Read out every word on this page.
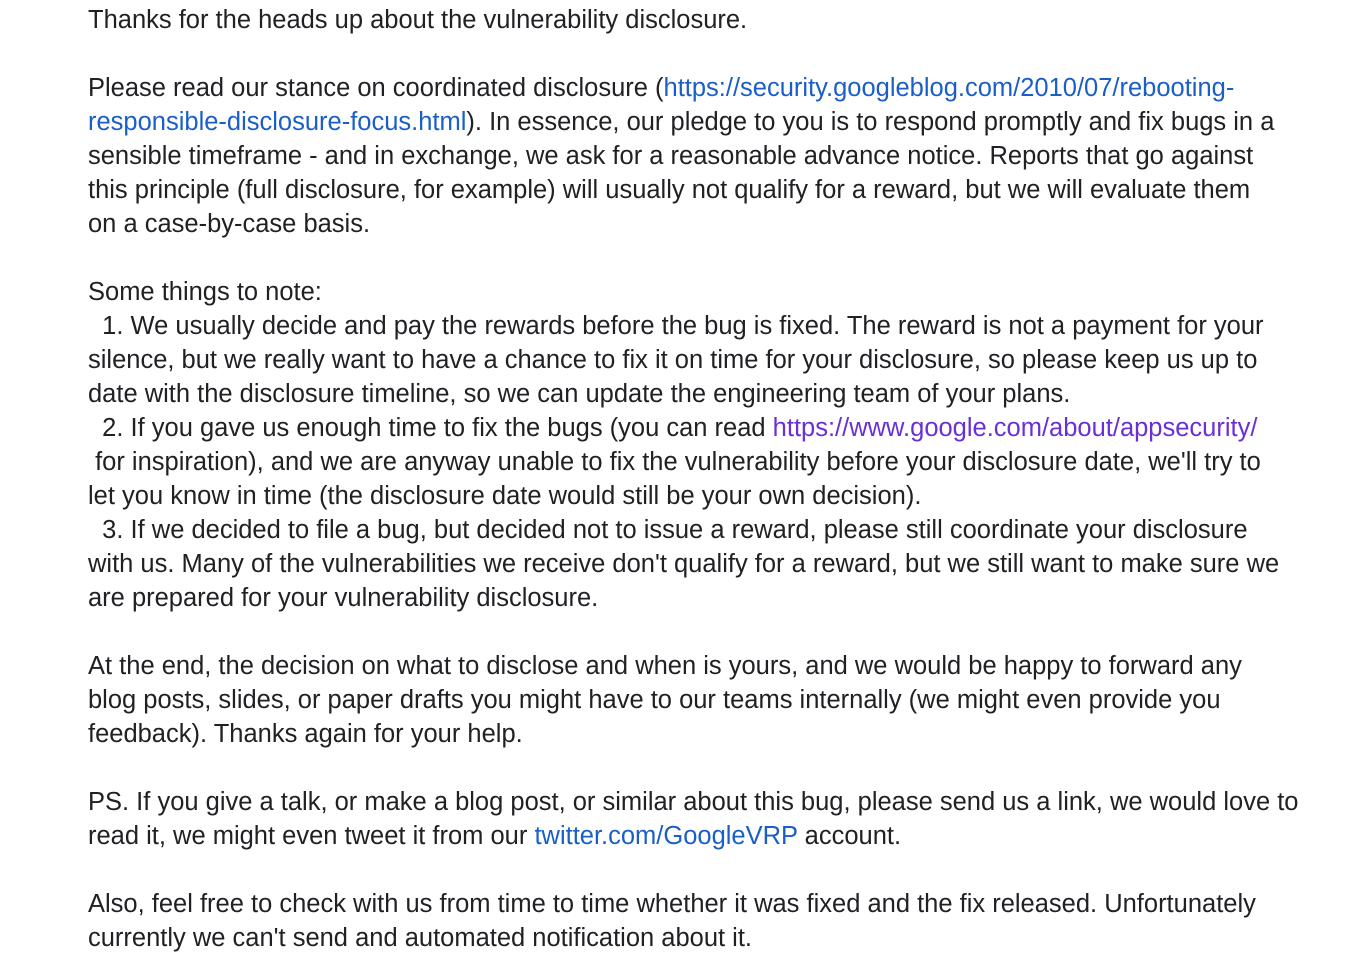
Thanks for the heads up about the vulnerability disclosure.
Please read our stance on coordinated disclosure (https://security.googleblog.com/2010/07/rebooting-
responsible-disclosure-focus.html). In essence, our pledge to you is to respond promptly and fix bugs in a
sensible timeframe - and in exchange, we ask for a reasonable advance notice. Reports that go against
this principle (full disclosure, for example) will usually not qualify for a reward, but we will evaluate them
on a case-by-case basis.
Some things to note:
1. We usually decide and pay the rewards before the bug is fixed. The reward is not a payment for your
silence, but we really want to have a chance to fix it on time for your disclosure, so please keep us up to
date with the disclosure timeline, so we can update the engineering team of your plans.
2. If you gave us enough time to fix the bugs (you can read https://www.google.com/about/appsecurity/
for inspiration), and we are anyway unable to fix the vulnerability before your disclosure date, we'll try to
let you know in time (the disclosure date would still be your own decision).
3. If we decided to file a bug, but decided not to issue a reward, please still coordinate your disclosure
with us. Many of the vulnerabilities we receive don't qualify for a reward, but we still want to make sure we
are prepared for your vulnerability disclosure.
At the end, the decision on what to disclose and when is yours, and we would be happy to forward any
blog posts, slides, or paper drafts you might have to our teams internally (we might even provide you
feedback). Thanks again for your help.
PS. If you give a talk, or make a blog post, or similar about this bug, please send us a link, we would love to
read it, we might even tweet it from our twitter.com/GoogleVRP account.
Also, feel free to check with us from time to time whether it was fixed and the fix released. Unfortunately
currently we can't send and automated notification about it.
